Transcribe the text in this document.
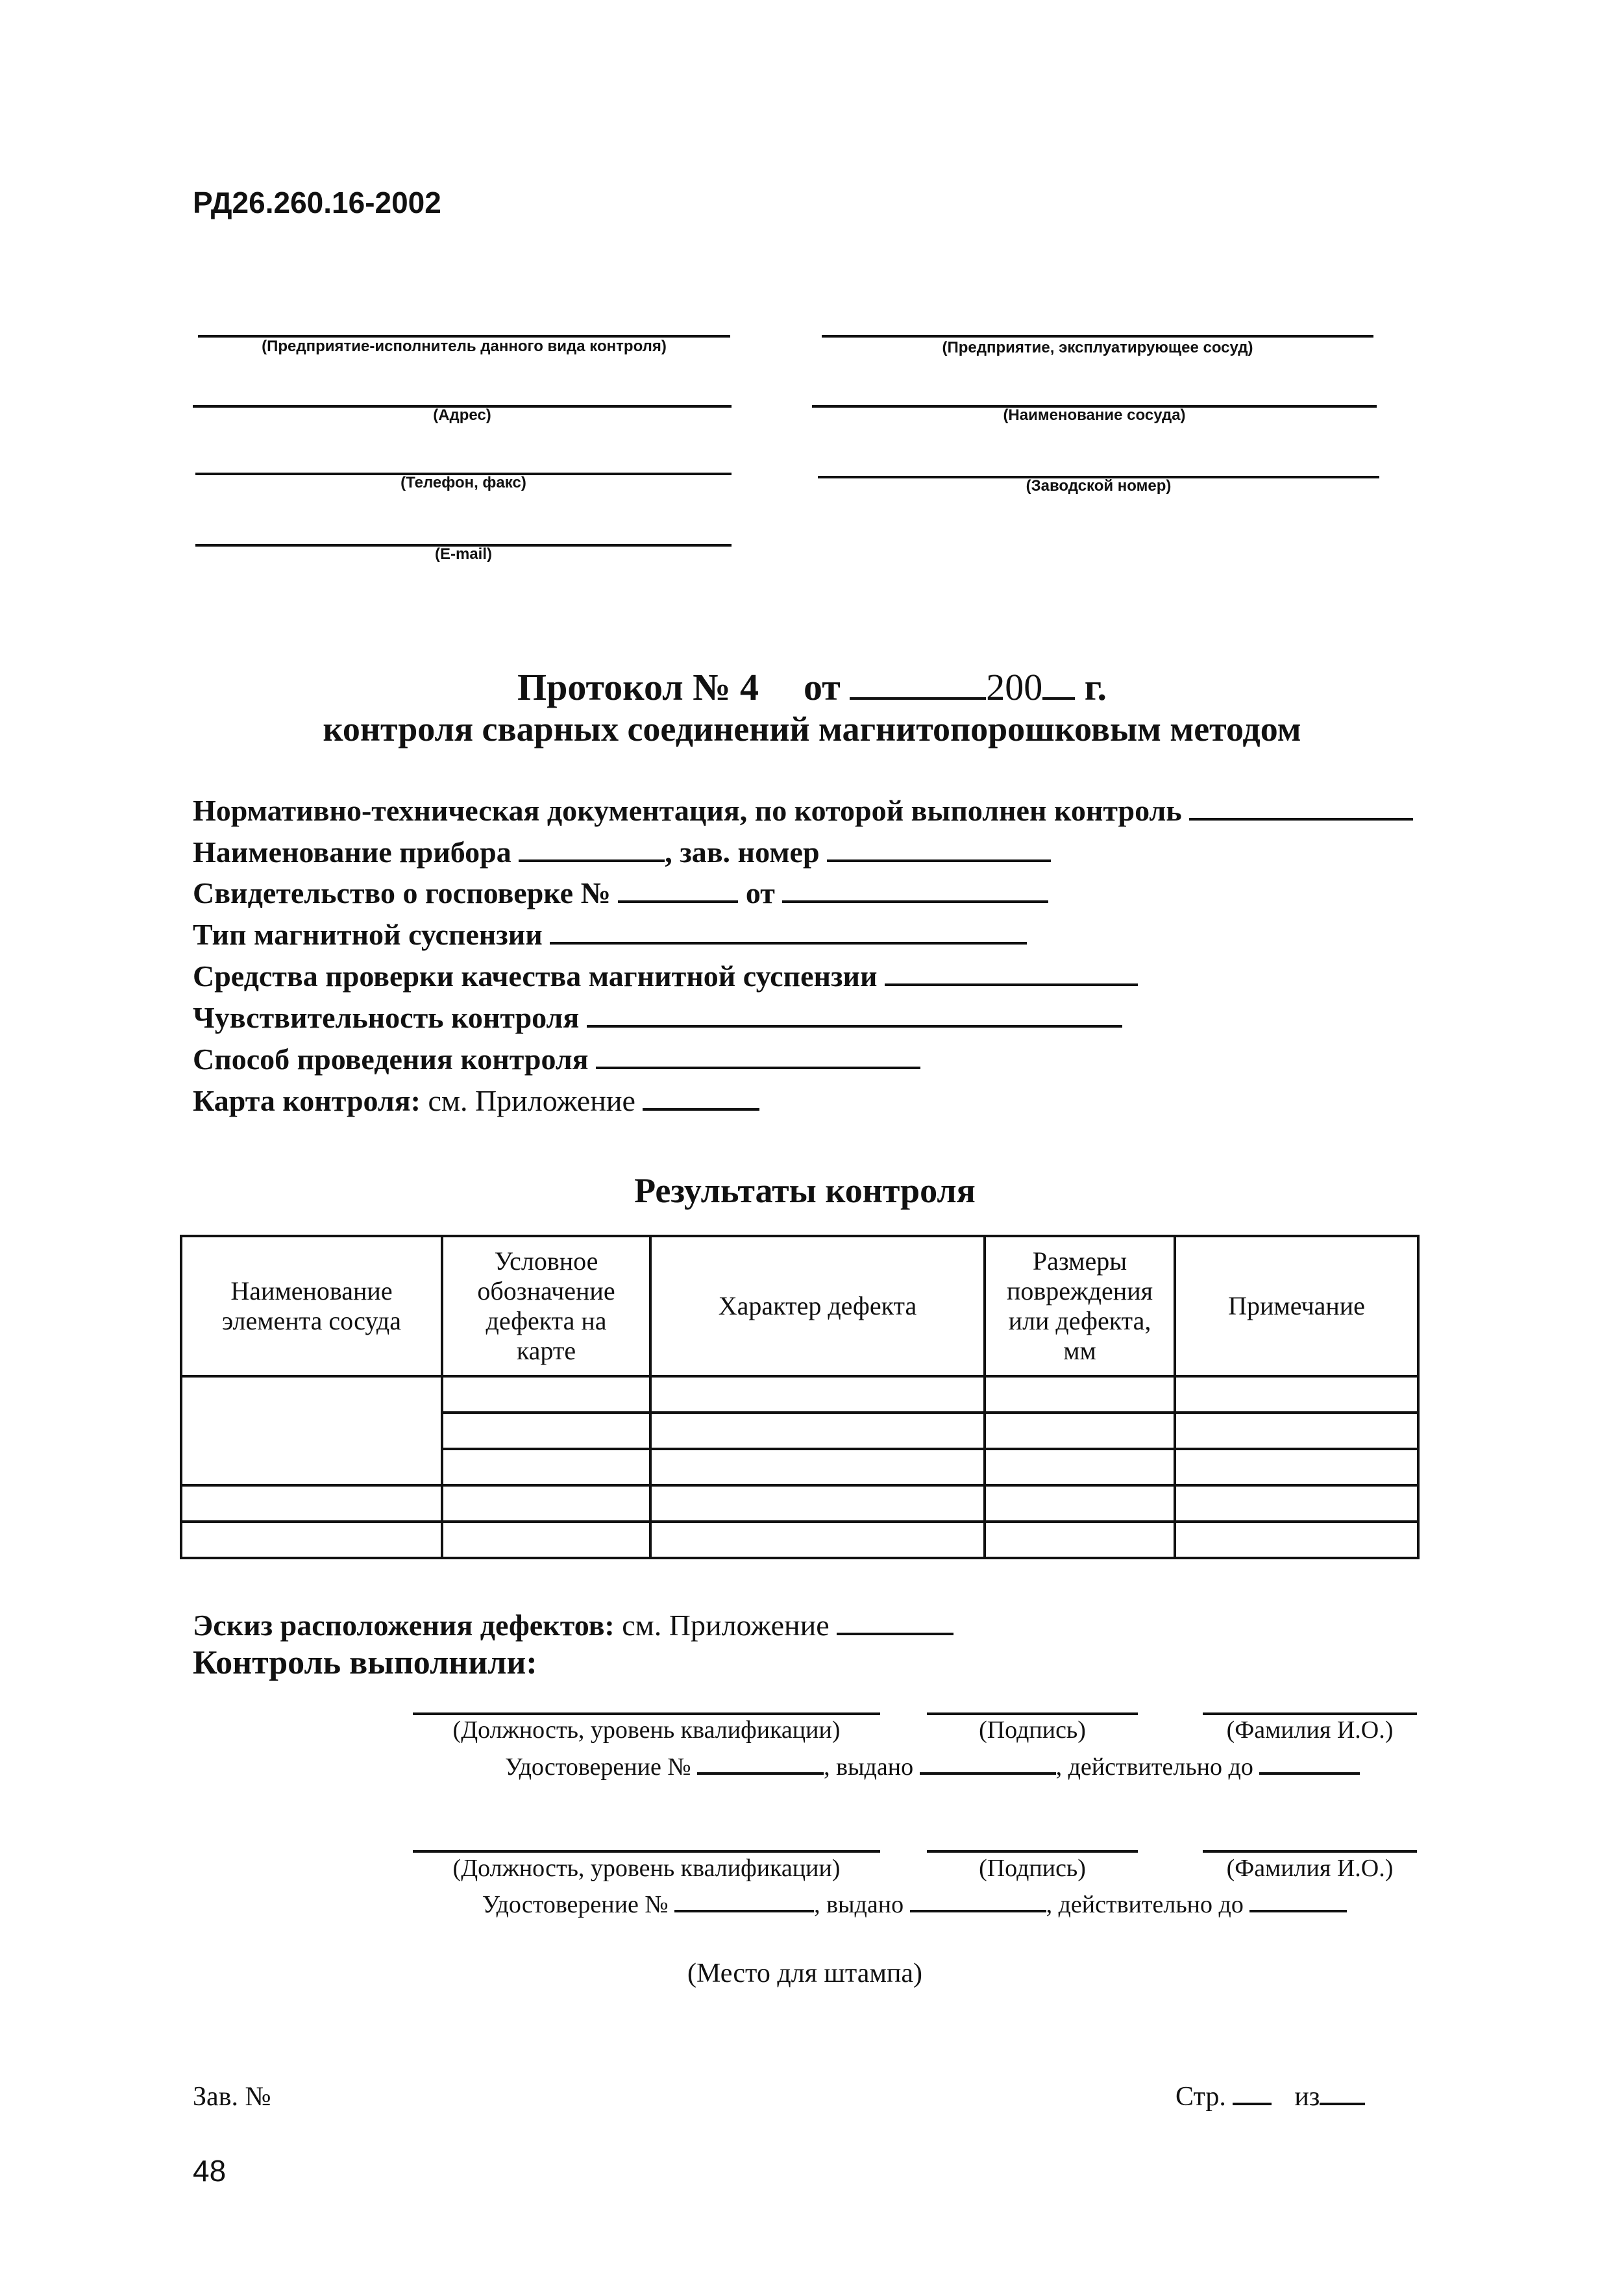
РД26.260.16-2002
(Предприятие-исполнитель данного вида контроля)
(Адрес)
(Телефон, факс)
(E-mail)
(Предприятие, эксплуатирующее сосуд)
(Наименование сосуда)
(Заводской номер)
Протокол № 4 от	200 г.
контроля сварных соединений магнитопорошковым методом
Нормативно-техническая документация, по которой выполнен контроль
Наименование прибора	, зав. номер
Свидетельство о госповерке №	от
Тип магнитной суспензии
Средства проверки качества магнитной суспензии
Чувствительность контроля
Способ проведения контроля
Карта контроля: см. Приложение
Результаты контроля
Наименование элемента сосуда	Условное обозначение дефекта на карте	Характер дефекта	Размеры повреждения или дефекта, мм	Примечание

Эскиз расположения дефектов: см. Приложение
Контроль выполнили:
(Должность, уровень квалификации)	(Подпись)	(Фамилия И.О.)
Удостоверение №	, выдано	, действительно до
(Должность, уровень квалификации)	(Подпись)	(Фамилия И.О.)
Удостоверение №	, выдано	, действительно до
(Место для штампа)
Зав. №	Стр.	из
48
